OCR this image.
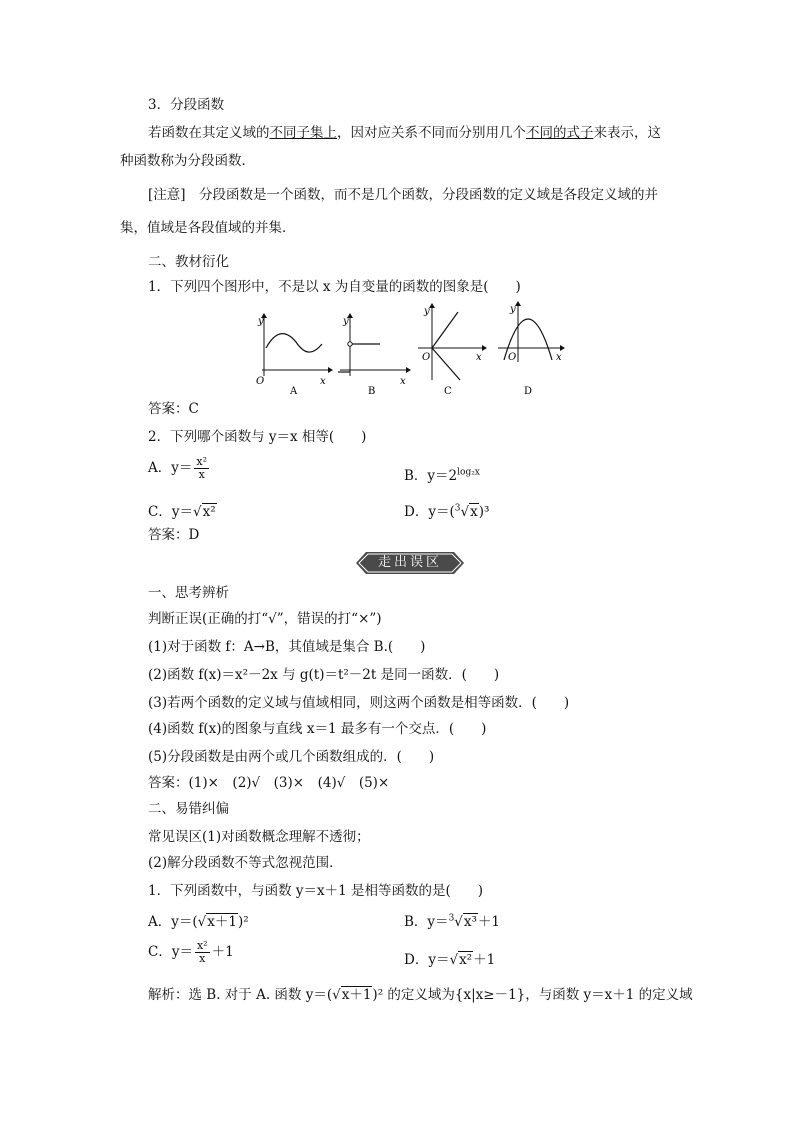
3．分段函数
若函数在其定义域的不同子集上，因对应关系不同而分别用几个不同的式子来表示，这
种函数称为分段函数．
[注意]　分段函数是一个函数，而不是几个函数，分段函数的定义域是各段定义域的并
集，值域是各段值域的并集．
二、教材衍化
1．下列四个图形中，不是以 x 为自变量的函数的图象是(　　)
y
O	x
A
y
x
B
y
O	x
C
y
O	x
D
答案：C
2．下列哪个函数与 y＝x 相等(　　)
A．$y= \frac{\text{x²}}{x}$	B．$y=2^{log_2x}$
C．y＝√x²	D．y＝($^3$√x)³
答案：D
走出误区
一、思考辨析
判断正误(正确的打“√”，错误的打“×”)
(1)对于函数 f：A→B，其值域是集合 B.(　　)
(2)函数 f(x)＝x²－2x 与 g(t)＝t²－2t 是同一函数．(　　)
(3)若两个函数的定义域与值域相同，则这两个函数是相等函数．(　　)
(4)函数 f(x)的图象与直线 x＝1 最多有一个交点．(　　)
(5)分段函数是由两个或几个函数组成的．(　　)
答案：(1)×　(2)√　(3)×　(4)√　(5)×
二、易错纠偏
常见误区(1)对函数概念理解不透彻；
(2)解分段函数不等式忽视范围．
1．下列函数中，与函数 y＝x＋1 是相等函数的是(　　)
A．y＝(√x＋1)²	B．y＝$^3$√x³＋1
C．$y= \frac{\text{x²}}{x} +1$	D．y＝√x²＋1
解析：选 B. 对于 A. 函数 y＝(√x＋1)² 的定义域为{x|x≥－1}，与函数 y＝x＋1 的定义域
